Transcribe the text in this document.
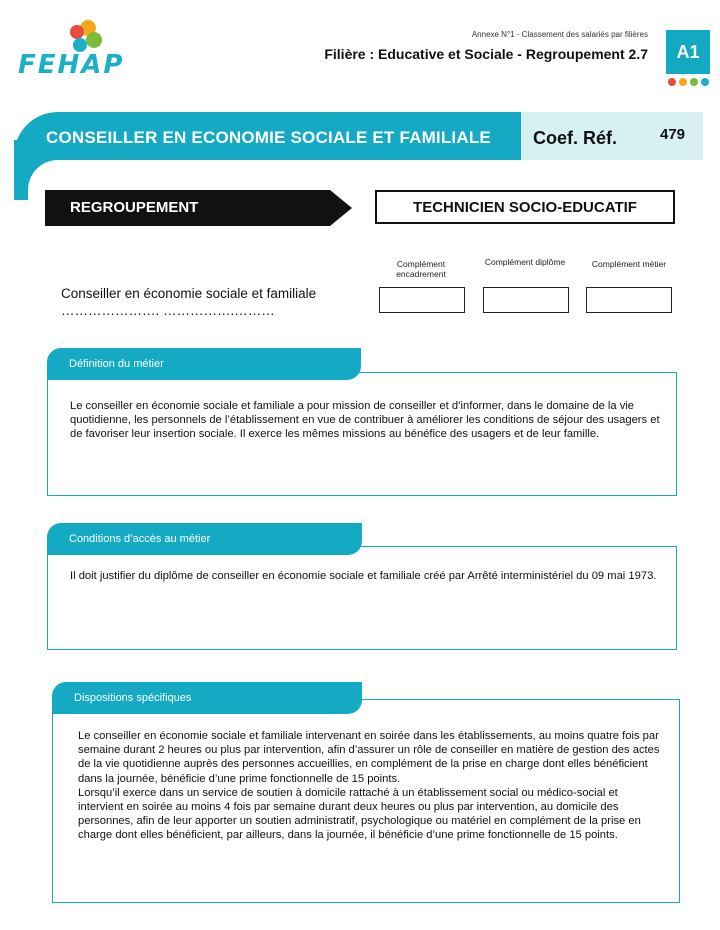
FEHAP
Annexe N°1 - Classement des salariés par filières
Filière : Educative et Sociale - Regroupement 2.7	A1
CONSEILLER EN ECONOMIE SOCIALE ET FAMILIALE Coef. Réf.	479
REGROUPEMENT	TECHNICIEN SOCIO-EDUCATIF
Complément encadrement
Complément diplôme	Complément métier
Conseiller en économie sociale et familiale …………………. …………….………
Définition du métier
Le conseiller en économie sociale et familiale a pour mission de conseiller et d’informer, dans le domaine de la vie quotidienne, les personnels de l’établissement en vue de contribuer à améliorer les conditions de séjour des usagers et de favoriser leur insertion sociale. Il exerce les mêmes missions au bénéfice des usagers et de leur famille.
Conditions d’accès au métier
Il doit justifier du diplôme de conseiller en économie sociale et familiale créé par Arrêté interministériel du 09 mai 1973.
Dispositions spécifiques
Le conseiller en économie sociale et familiale intervenant en soirée dans les établissements, au moins quatre fois par semaine durant 2 heures ou plus par intervention, afin d’assurer un rôle de conseiller en matière de gestion des actes de la vie quotidienne auprès des personnes accueillies, en complément de la prise en charge dont elles bénéficient dans la journée, bénéficie d’une prime fonctionnelle de 15 points.
Lorsqu’il exerce dans un service de soutien à domicile rattaché à un établissement social ou médico-social et intervient en soirée au moins 4 fois par semaine durant deux heures ou plus par intervention, au domicile des personnes, afin de leur apporter un soutien administratif, psychologique ou matériel en complément de la prise en charge dont elles bénéficient, par ailleurs, dans la journée, il bénéficie d’une prime fonctionnelle de 15 points.
